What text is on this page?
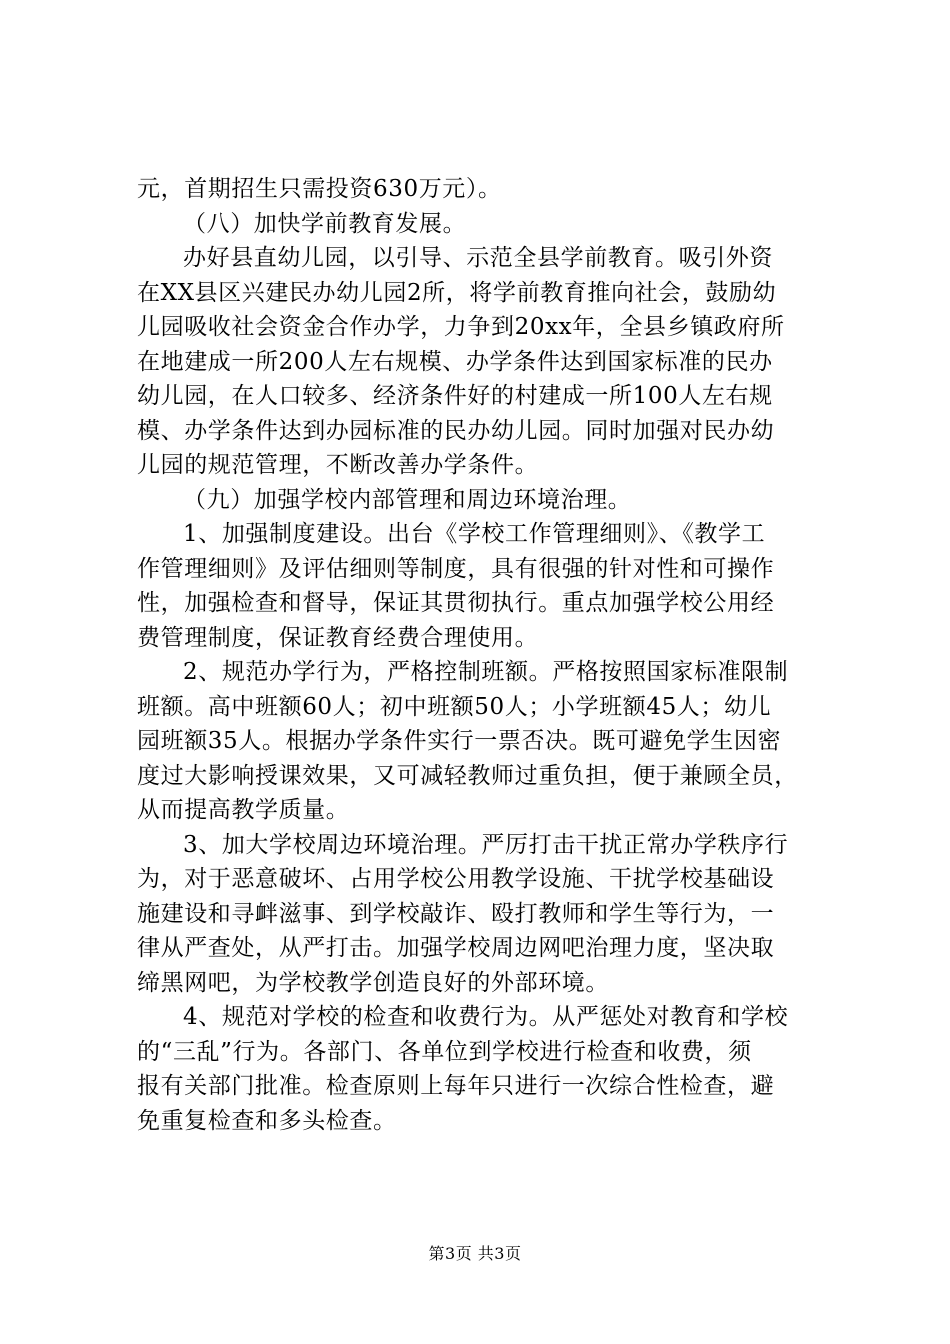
元，首期招生只需投资630万元）。
（八）加快学前教育发展。
办好县直幼儿园，以引导、示范全县学前教育。吸引外资
在XX县区兴建民办幼儿园2所，将学前教育推向社会，鼓励幼
儿园吸收社会资金合作办学，力争到20xx年，全县乡镇政府所
在地建成一所200人左右规模、办学条件达到国家标准的民办
幼儿园，在人口较多、经济条件好的村建成一所100人左右规
模、办学条件达到办园标准的民办幼儿园。同时加强对民办幼
儿园的规范管理，不断改善办学条件。
（九）加强学校内部管理和周边环境治理。
1、加强制度建设。出台《学校工作管理细则》、《教学工
作管理细则》及评估细则等制度，具有很强的针对性和可操作
性，加强检查和督导，保证其贯彻执行。重点加强学校公用经
费管理制度，保证教育经费合理使用。
2、规范办学行为，严格控制班额。严格按照国家标准限制
班额。高中班额60人；初中班额50人；小学班额45人；幼儿
园班额35人。根据办学条件实行一票否决。既可避免学生因密
度过大影响授课效果，又可减轻教师过重负担，便于兼顾全员，
从而提高教学质量。
3、加大学校周边环境治理。严厉打击干扰正常办学秩序行
为，对于恶意破坏、占用学校公用教学设施、干扰学校基础设
施建设和寻衅滋事、到学校敲诈、殴打教师和学生等行为，一
律从严查处，从严打击。加强学校周边网吧治理力度，坚决取
缔黑网吧，为学校教学创造良好的外部环境。
4、规范对学校的检查和收费行为。从严惩处对教育和学校
的“三乱”行为。各部门、各单位到学校进行检查和收费，须
报有关部门批准。检查原则上每年只进行一次综合性检查，避
免重复检查和多头检查。
第3页 共3页
